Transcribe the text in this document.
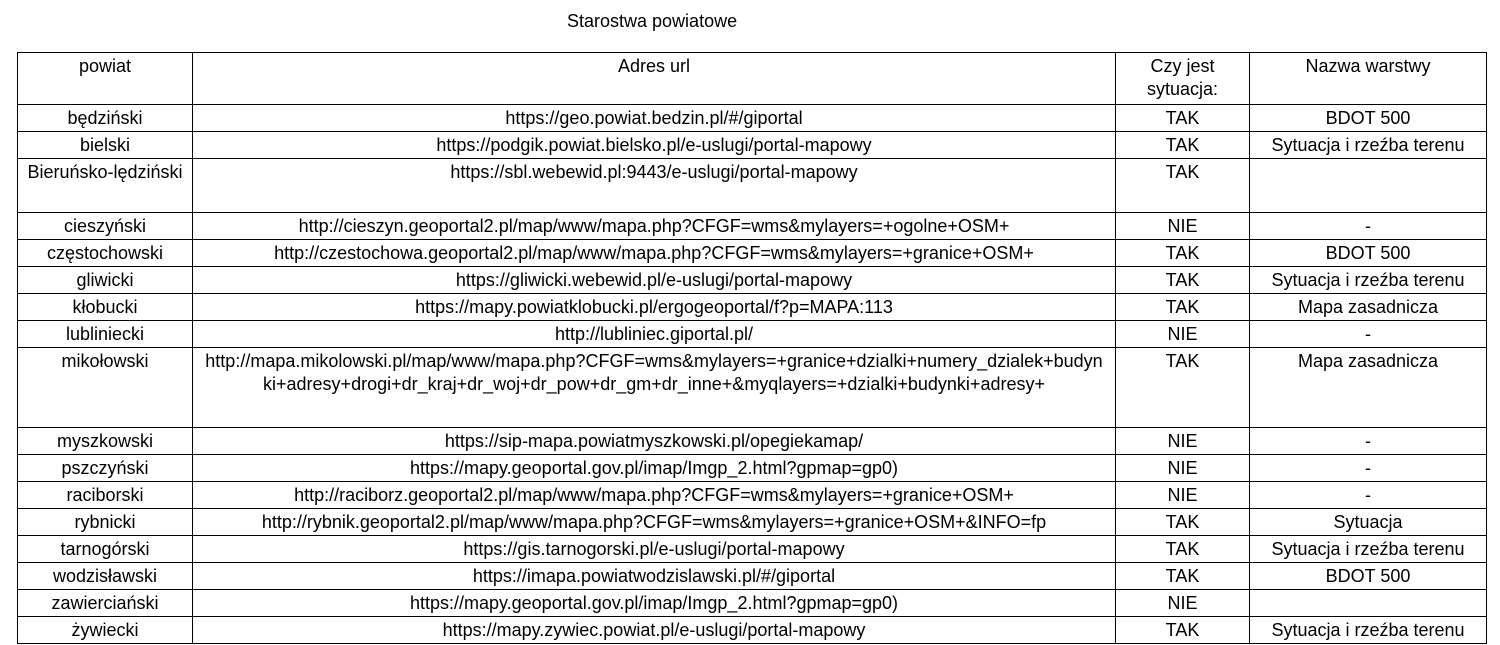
Starostwa powiatowe
powiat	Adres url	Czy jest sytuacja:	Nazwa warstwy
będziński	https://geo.powiat.bedzin.pl/#/giportal	TAK	BDOT 500
bielski	https://podgik.powiat.bielsko.pl/e-uslugi/portal-mapowy	TAK	Sytuacja i rzeźba terenu
Bieruńsko-lędziński	https://sbl.webewid.pl:9443/e-uslugi/portal-mapowy	TAK	
cieszyński	http://cieszyn.geoportal2.pl/map/www/mapa.php?CFGF=wms&mylayers=+ogolne+OSM+	NIE	-
częstochowski	http://czestochowa.geoportal2.pl/map/www/mapa.php?CFGF=wms&mylayers=+granice+OSM+	TAK	BDOT 500
gliwicki	https://gliwicki.webewid.pl/e-uslugi/portal-mapowy	TAK	Sytuacja i rzeźba terenu
kłobucki	https://mapy.powiatklobucki.pl/ergogeoportal/f?p=MAPA:113	TAK	Mapa zasadnicza
lubliniecki	http://lubliniec.giportal.pl/	NIE	-
mikołowski	http://mapa.mikolowski.pl/map/www/mapa.php?CFGF=wms&mylayers=+granice+dzialki+numery_dzialek+budynki+adresy+drogi+dr_kraj+dr_woj+dr_pow+dr_gm+dr_inne+&myqlayers=+dzialki+budynki+adresy+	TAK	Mapa zasadnicza
myszkowski	https://sip-mapa.powiatmyszkowski.pl/opegiekamap/	NIE	-
pszczyński	https://mapy.geoportal.gov.pl/imap/Imgp_2.html?gpmap=gp0)	NIE	-
raciborski	http://raciborz.geoportal2.pl/map/www/mapa.php?CFGF=wms&mylayers=+granice+OSM+	NIE	-
rybnicki	http://rybnik.geoportal2.pl/map/www/mapa.php?CFGF=wms&mylayers=+granice+OSM+&INFO=fp	TAK	Sytuacja
tarnogórski	https://gis.tarnogorski.pl/e-uslugi/portal-mapowy	TAK	Sytuacja i rzeźba terenu
wodzisławski	https://imapa.powiatwodzislawski.pl/#/giportal	TAK	BDOT 500
zawierciański	https://mapy.geoportal.gov.pl/imap/Imgp_2.html?gpmap=gp0)	NIE	
żywiecki	https://mapy.zywiec.powiat.pl/e-uslugi/portal-mapowy	TAK	Sytuacja i rzeźba terenu
